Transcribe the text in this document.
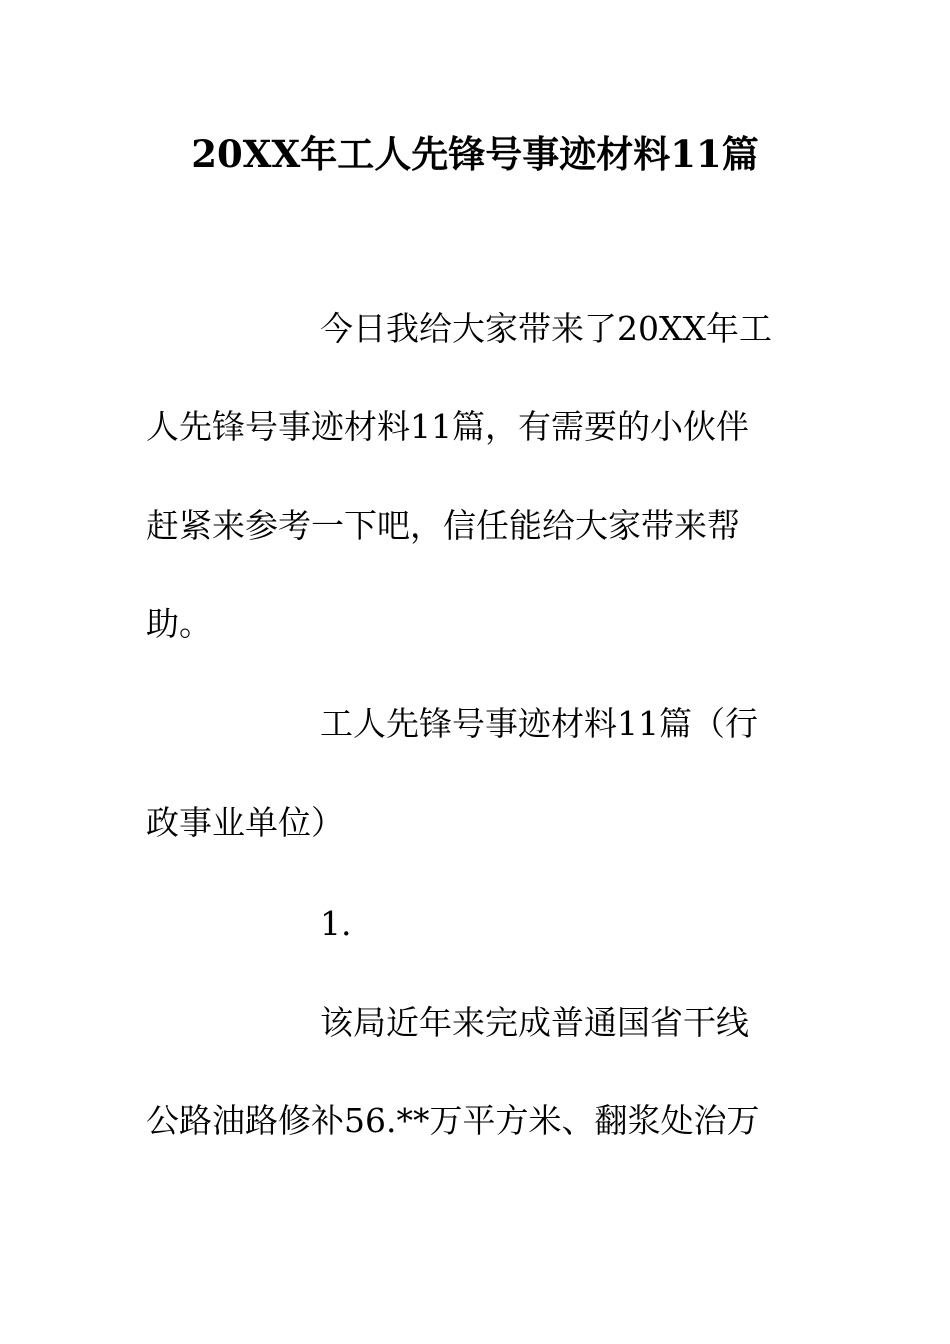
20XX年工人先锋号事迹材料11篇
今日我给大家带来了20XX年工
人先锋号事迹材料11篇，有需要的小伙伴
赶紧来参考一下吧，信任能给大家带来帮
助。
工人先锋号事迹材料11篇（行
政事业单位）
1.
该局近年来完成普通国省干线
公路油路修补56.**万平方米、翻浆处治万
